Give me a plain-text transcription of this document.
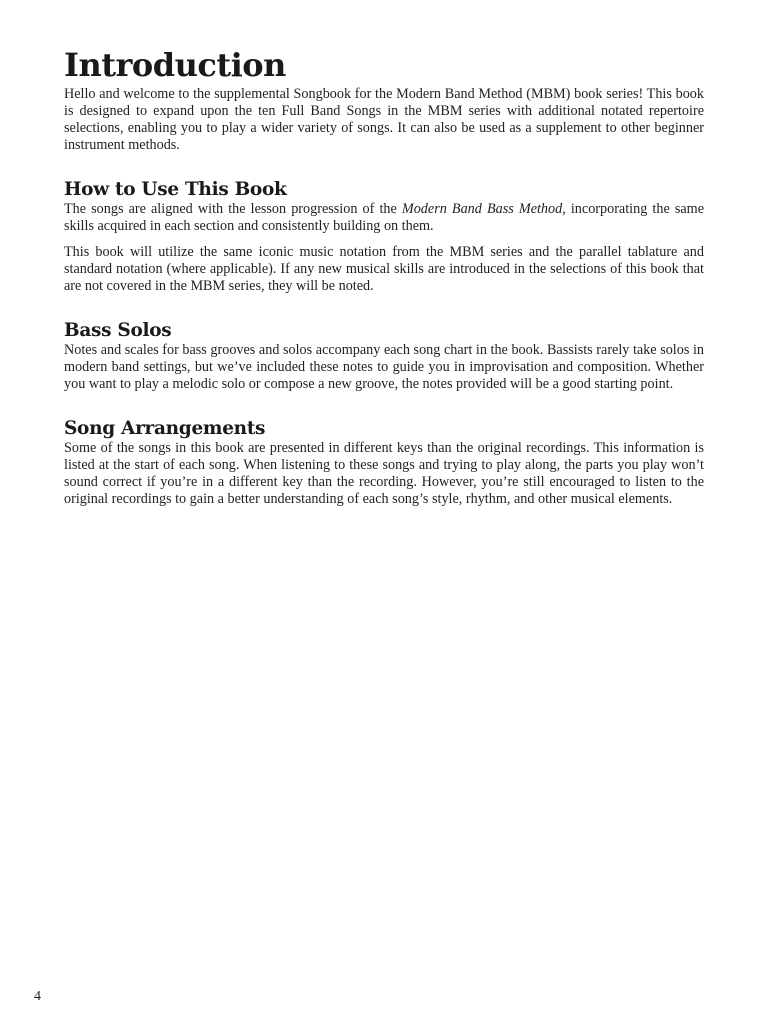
Introduction

Hello and welcome to the supplemental Songbook for the Modern Band Method (MBM) book series! This book is designed to expand upon the ten Full Band Songs in the MBM series with additional notated repertoire selections, enabling you to play a wider variety of songs. It can also be used as a supplement to other beginner instrument methods.

How to Use This Book

The songs are aligned with the lesson progression of the Modern Band Bass Method, incorporating the same skills acquired in each section and consistently building on them.

This book will utilize the same iconic music notation from the MBM series and the parallel tablature and standard notation (where applicable). If any new musical skills are introduced in the selections of this book that are not covered in the MBM series, they will be noted.

Bass Solos

Notes and scales for bass grooves and solos accompany each song chart in the book. Bassists rarely take solos in modern band settings, but we’ve included these notes to guide you in improvisation and composition. Whether you want to play a melodic solo or compose a new groove, the notes provided will be a good starting point.

Song Arrangements

Some of the songs in this book are presented in different keys than the original recordings. This information is listed at the start of each song. When listening to these songs and trying to play along, the parts you play won’t sound correct if you’re in a different key than the recording. However, you’re still encouraged to listen to the original recordings to gain a better understanding of each song’s style, rhythm, and other musical elements.

4
